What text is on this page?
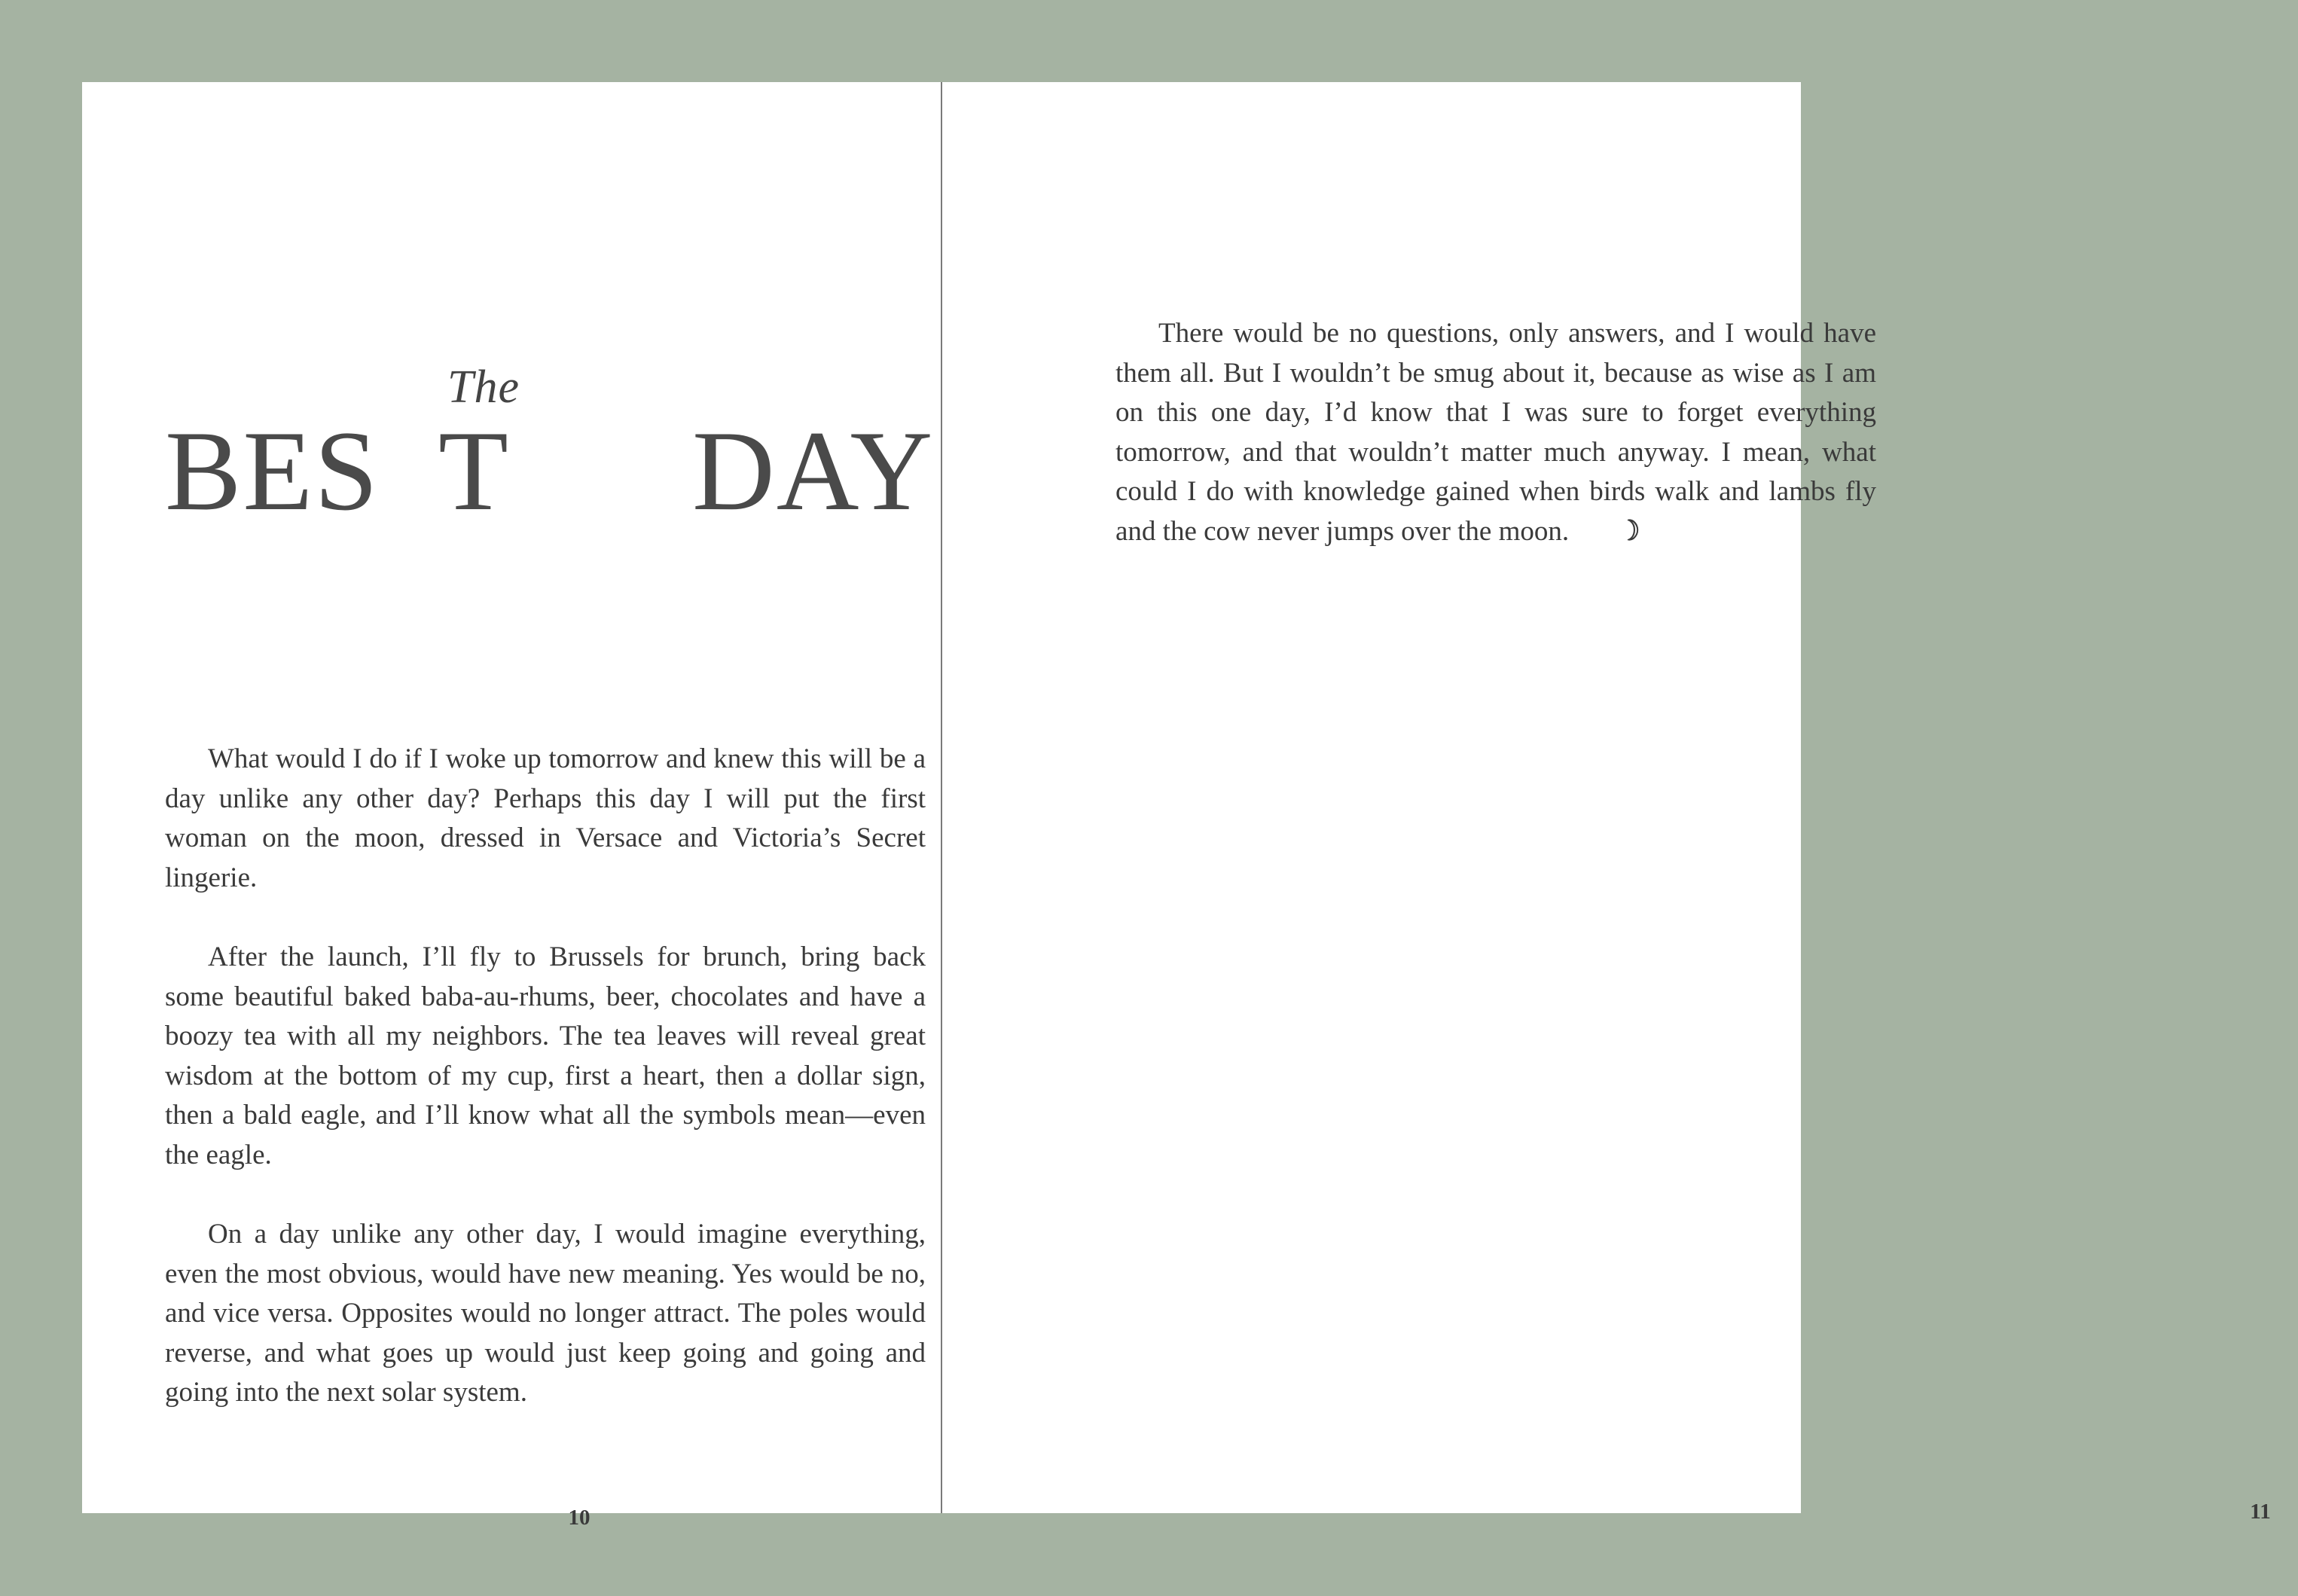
The
BES T DAY

What would I do if I woke up tomorrow and knew this will be a day unlike any other day? Perhaps this day I will put the first woman on the moon, dressed in Versace and Victoria’s Secret lingerie.

After the launch, I’ll fly to Brussels for brunch, bring back some beautiful baked baba-au-rhums, beer, chocolates and have a boozy tea with all my neighbors. The tea leaves will reveal great wisdom at the bottom of my cup, first a heart, then a dollar sign, then a bald eagle, and I’ll know what all the symbols mean—even the eagle.

On a day unlike any other day, I would imagine everything, even the most obvious, would have new meaning. Yes would be no, and vice versa. Opposites would no longer attract. The poles would reverse, and what goes up would just keep going and going and going into the next solar system.

10

There would be no questions, only answers, and I would have them all. But I wouldn’t be smug about it, because as wise as I am on this one day, I’d know that I was sure to forget everything tomorrow, and that wouldn’t matter much anyway. I mean, what could I do with knowledge gained when birds walk and lambs fly and the cow never jumps over the moon. ☽

11
